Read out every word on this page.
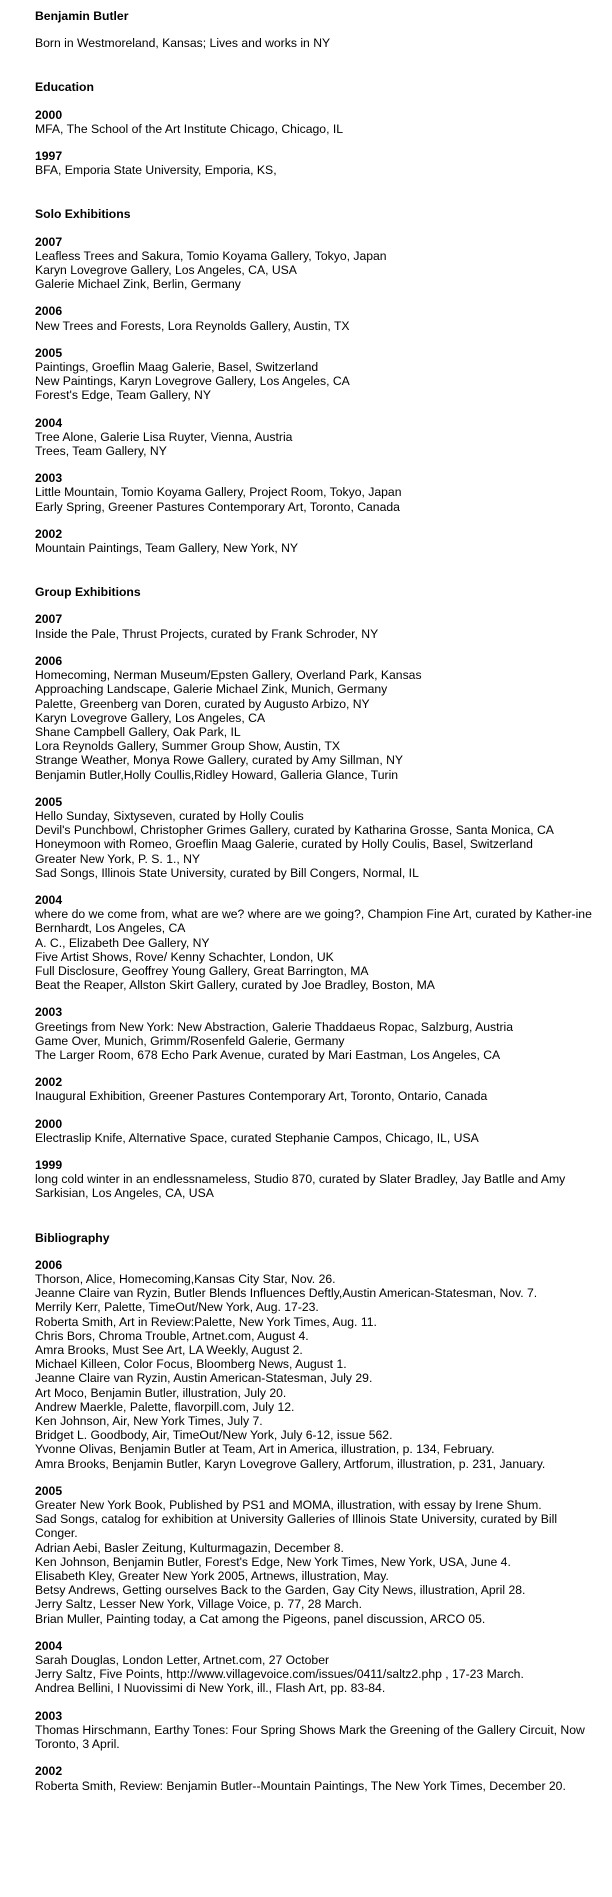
Benjamin Butler

Born in Westmoreland, Kansas; Lives and works in NY

Education

2000

MFA, The School of the Art Institute Chicago, Chicago, IL

1997

BFA, Emporia State University, Emporia, KS,

Solo Exhibitions

2007

Leafless Trees and Sakura, Tomio Koyama Gallery, Tokyo, Japan

Karyn Lovegrove Gallery, Los Angeles, CA, USA

Galerie Michael Zink, Berlin, Germany

2006

New Trees and Forests, Lora Reynolds Gallery, Austin, TX

2005

Paintings, Groeflin Maag Galerie, Basel, Switzerland

New Paintings, Karyn Lovegrove Gallery, Los Angeles, CA

Forest's Edge, Team Gallery, NY

2004

Tree Alone, Galerie Lisa Ruyter, Vienna, Austria

Trees, Team Gallery, NY

2003

Little Mountain, Tomio Koyama Gallery, Project Room, Tokyo, Japan

Early Spring, Greener Pastures Contemporary Art, Toronto, Canada

2002

Mountain Paintings, Team Gallery, New York, NY

Group Exhibitions

2007

Inside the Pale, Thrust Projects, curated by Frank Schroder, NY

2006

Homecoming, Nerman Museum/Epsten Gallery, Overland Park, Kansas

Approaching Landscape, Galerie Michael Zink, Munich, Germany

Palette, Greenberg van Doren, curated by Augusto Arbizo, NY

Karyn Lovegrove Gallery, Los Angeles, CA

Shane Campbell Gallery, Oak Park, IL

Lora Reynolds Gallery, Summer Group Show, Austin, TX

Strange Weather, Monya Rowe Gallery, curated by Amy Sillman, NY

Benjamin Butler,Holly Coullis,Ridley Howard, Galleria Glance, Turin

2005

Hello Sunday, Sixtyseven, curated by Holly Coulis

Devil's Punchbowl, Christopher Grimes Gallery, curated by Katharina Grosse, Santa Monica, CA

Honeymoon with Romeo, Groeflin Maag Galerie, curated by Holly Coulis, Basel, Switzerland

Greater New York, P. S. 1., NY

Sad Songs, Illinois State University, curated by Bill Congers, Normal, IL

2004

where do we come from, what are we? where are we going?, Champion Fine Art, curated by Kather-ine Bernhardt, Los Angeles, CA

A. C., Elizabeth Dee Gallery, NY

Five Artist Shows, Rove/ Kenny Schachter, London, UK

Full Disclosure, Geoffrey Young Gallery, Great Barrington, MA

Beat the Reaper, Allston Skirt Gallery, curated by Joe Bradley, Boston, MA

2003

Greetings from New York: New Abstraction, Galerie Thaddaeus Ropac, Salzburg, Austria

Game Over, Munich, Grimm/Rosenfeld Galerie, Germany

The Larger Room, 678 Echo Park Avenue, curated by Mari Eastman, Los Angeles, CA

2002

Inaugural Exhibition, Greener Pastures Contemporary Art, Toronto, Ontario, Canada

2000

Electraslip Knife, Alternative Space, curated Stephanie Campos, Chicago, IL, USA

1999

long cold winter in an endlessnameless, Studio 870, curated by Slater Bradley, Jay Batlle and Amy Sarkisian, Los Angeles, CA, USA

Bibliography

2006

Thorson, Alice, Homecoming,Kansas City Star, Nov. 26.

Jeanne Claire van Ryzin, Butler Blends Influences Deftly,Austin American-Statesman, Nov. 7.

Merrily Kerr, Palette, TimeOut/New York, Aug. 17-23.

Roberta Smith, Art in Review:Palette, New York Times, Aug. 11.

Chris Bors, Chroma Trouble, Artnet.com, August 4.

Amra Brooks, Must See Art, LA Weekly, August 2.

Michael Killeen, Color Focus, Bloomberg News, August 1.

Jeanne Claire van Ryzin, Austin American-Statesman, July 29.

Art Moco, Benjamin Butler, illustration, July 20.

Andrew Maerkle, Palette, flavorpill.com, July 12.

Ken Johnson, Air, New York Times, July 7.

Bridget L. Goodbody, Air, TimeOut/New York, July 6-12, issue 562.

Yvonne Olivas, Benjamin Butler at Team, Art in America, illustration, p. 134, February.

Amra Brooks, Benjamin Butler, Karyn Lovegrove Gallery, Artforum, illustration, p. 231, January.

2005

Greater New York Book, Published by PS1 and MOMA, illustration, with essay by Irene Shum.

Sad Songs, catalog for exhibition at University Galleries of Illinois State University, curated by Bill Conger.

Adrian Aebi, Basler Zeitung, Kulturmagazin, December 8.

Ken Johnson, Benjamin Butler, Forest's Edge, New York Times, New York, USA, June 4.

Elisabeth Kley, Greater New York 2005, Artnews, illustration, May.

Betsy Andrews, Getting ourselves Back to the Garden, Gay City News, illustration, April 28.

Jerry Saltz, Lesser New York, Village Voice, p. 77, 28 March.

Brian Muller, Painting today, a Cat among the Pigeons, panel discussion, ARCO 05.

2004

Sarah Douglas, London Letter, Artnet.com, 27 October

Jerry Saltz, Five Points, http://www.villagevoice.com/issues/0411/saltz2.php , 17-23 March.

Andrea Bellini, I Nuovissimi di New York, ill., Flash Art, pp. 83-84.

2003

Thomas Hirschmann, Earthy Tones: Four Spring Shows Mark the Greening of the Gallery Circuit, Now Toronto, 3 April.

2002

Roberta Smith, Review: Benjamin Butler--Mountain Paintings, The New York Times, December 20.
